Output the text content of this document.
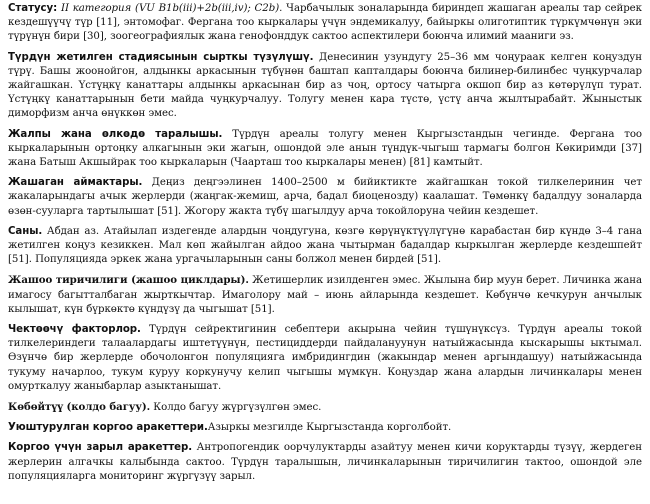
Статусу: II категория (VU B1b(iii)+2b(iii,iv); C2b). Чарбачылык зоналарында бириндеп жашаган ареалы тар сейрек кездешүүчү түр [11], энтомофаг. Фергана тоо кыркалары үчүн эндемикалуу, байыркы олиготиптик түркүмчөнүн эки түрүнүн бири [30], зоогеографиялык жана генофонддук сактоо аспектилери боюнча илимий мааниги эз.

Түрдүн жетилген стадиясынын сырткы түзүлүшү. Денесинин узундугу 25–36 мм чоңураак келген коңуздун түрү. Башы жоонойгон, алдынкы аркасынын түбүнөн баштап капталдары боюнча билинер-билинбес чуңкурчалар жайгашкан. Үстүңкү канаттары алдынкы аркасынан бир аз чоң, ортосу чатырга окшоп бир аз көтөрүлүп турат. Үстүңкү канаттарынын бети майда чуңкурчалуу. Толугу менен кара түстө, үстү анча жылтырабайт. Жыныстык диморфизм анча өнүккөн эмес.

Жалпы жана өлкөдө таралышы. Түрдүн ареалы толугу менен Кыргызстандын чегинде. Фергана тоо кыркаларынын ортоңку алкагынын эки жагын, ошондой эле анын түндүк-чыгыш тармагы болгон Көкиримди [37] жана Батыш Акшыйрак тоо кыркаларын (Чаарташ тоо кыркалары менен) [81] камтыйт.

Жашаган аймактары. Деңиз деңгээлинен 1400–2500 м бийиктикте жайгашкан токой тилкелеринин чет жакаларындагы ачык жерлерди (жаңгак-жемиш, арча, бадал биоценозду) каалашат. Төмөнкү бадалдуу зоналарда өзөн-сууларга тартылышат [51]. Жогору жакта түбү шагылдуу арча токойлоруна чейин кездешет.

Саны. Абдан аз. Атайылап издегенде алардын чоңдугуна, көзгө көрүнүктүүлүгүнө карабастан бир күндө 3–4 гана жетилген коңуз кезиккен. Мал көп жайылган айдоо жана чытырман бадалдар кыркылган жерлерде кездешпейт [51]. Популяцияда эркек жана ургачыларынын саны болжол менен бирдей [51].

Жашоо тиричилиги (жашоо циклдары). Жетишерлик изилденген эмес. Жылына бир муун берет. Личинка жана имагосу багытталбаган жырткычтар. Имаголору май – июнь айларында кездешет. Көбүнчө кечкурун анчылык кылышат, күн бүркөктө күндүзү да чыгышат [51].

Чектөөчү факторлор. Түрдүн сейректигинин себептери акырына чейин түшүнүксүз. Түрдүн ареалы токой тилкелериндеги талаалардагы иштетүүнүн, пестициддерди пайдалануунун натыйжасында кыскарышы ыктымал. Өзүнчө бир жерлерде обочолонгон популяцияга имбридингдин (жакындар менен аргындашуу) натыйжасында тукуму начарлоо, тукум куруу коркунучу келип чыгышы мүмкүн. Коңуздар жана алардын личинкалары менен омурткалуу жаныбарлар азыктанышат.

Көбөйтүү (колдо багуу). Колдо багуу жүргүзүлгөн эмес.

Уюштурулган коргоо аракеттери.Азыркы мезгилде Кыргызстанда корголбойт.

Коргоо үчүн зарыл аракеттер. Антропогендик оорчулуктарды азайтуу менен кичи коруктарды түзүү, жердеген жерлерин алгачкы калыбында сактоо. Түрдүн таралышын, личинкаларынын тиричилигин тактоо, ошондой эле популяцияларга мониторинг жүргүзүү зарыл.
